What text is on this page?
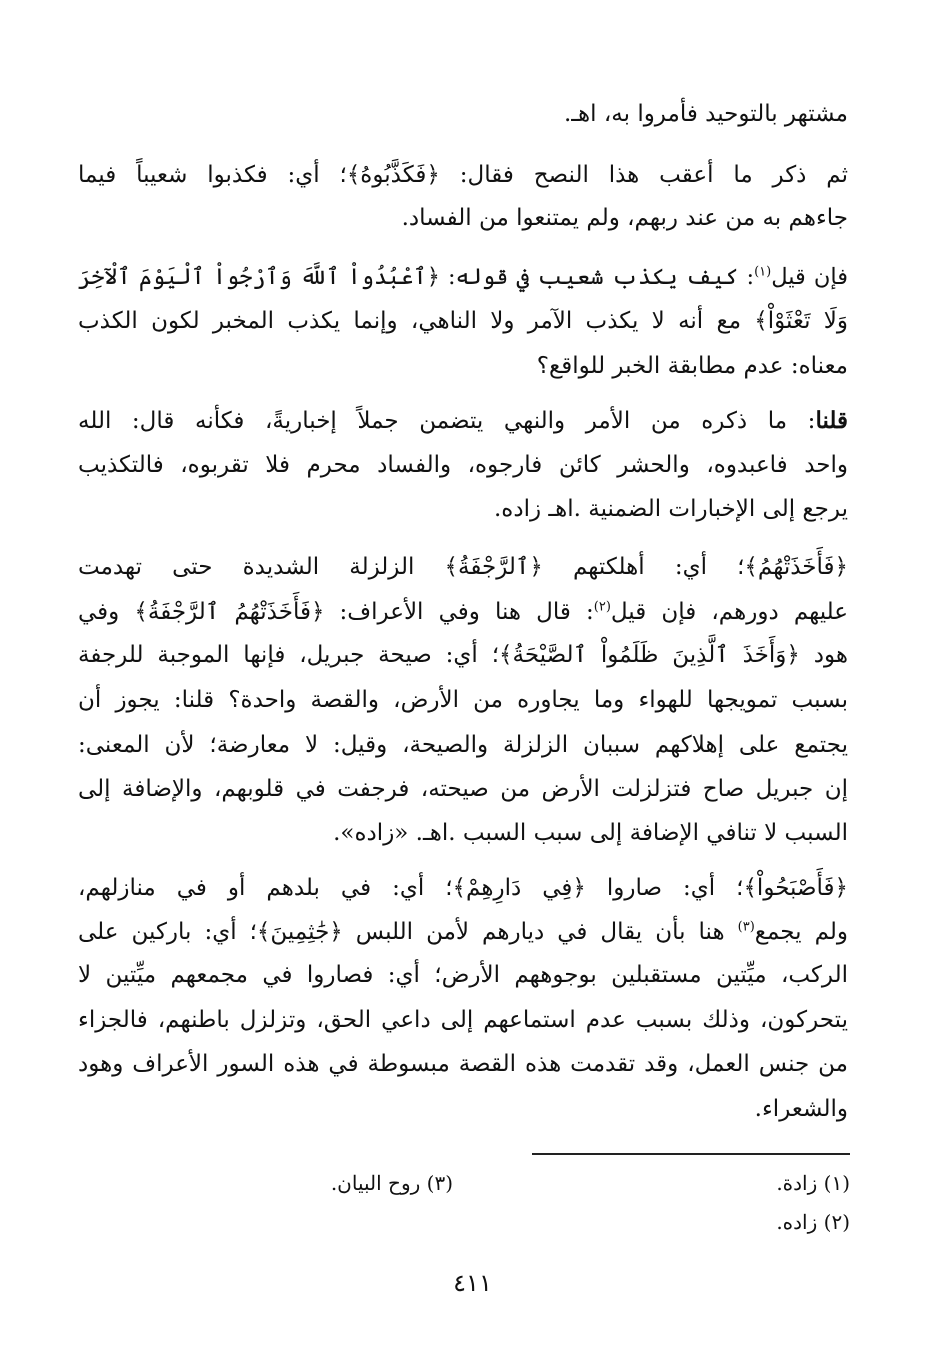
مشتهر بالتوحيد فأمروا به، اهـ.
ثم ذكر ما أعقب هذا النصح فقال: ﴿فَكَذَّبُوهُ﴾؛ أي: فكذبوا شعيباً فيما
جاءهم به من عند ربهم، ولم يمتنعوا من الفساد.
فإن قيل$^{(١)}$: كيف يكذب شعيب في قوله: ﴿ٱعْبُدُواْ ٱللَّهَ وَٱرْجُواْ ٱلْيَوْمَ ٱلْآخِرَ
وَلَا تَعْثَوْاْ﴾ مع أنه لا يكذب الآمر ولا الناهي، وإنما يكذب المخبر لكون الكذب
معناه: عدم مطابقة الخبر للواقع؟
قلنا: ما ذكره من الأمر والنهي يتضمن جملاً إخباريةً، فكأنه قال: الله
واحد فاعبدوه، والحشر كائن فارجوه، والفساد محرم فلا تقربوه، فالتكذيب
يرجع إلى الإخبارات الضمنية .اهـ زاده.
﴿فَأَخَذَتْهُمُ﴾؛ أي: أهلكتهم ﴿ٱلرَّجْفَةُ﴾ الزلزلة الشديدة حتى تهدمت
عليهم دورهم، فإن قيل$^{(٢)}$: قال هنا وفي الأعراف: ﴿فَأَخَذَتْهُمُ ٱلرَّجْفَةُ﴾ وفي
هود ﴿وَأَخَذَ ٱلَّذِينَ ظَلَمُواْ ٱلصَّيْحَةُ﴾؛ أي: صيحة جبريل، فإنها الموجبة للرجفة
بسبب تمويجها للهواء وما يجاوره من الأرض، والقصة واحدة؟ قلنا: يجوز أن
يجتمع على إهلاكهم سببان الزلزلة والصيحة، وقيل: لا معارضة؛ لأن المعنى:
إن جبريل صاح فتزلزلت الأرض من صيحته، فرجفت في قلوبهم، والإضافة إلى
السبب لا تنافي الإضافة إلى سبب السبب .اهـ. «زاده».
﴿فَأَصْبَحُواْ﴾؛ أي: صاروا ﴿فِي دَارِهِمْ﴾؛ أي: في بلدهم أو في منازلهم،
ولم يجمع$^{(٣)}$ هنا بأن يقال في ديارهم لأمن اللبس ﴿جَٰثِمِينَ﴾؛ أي: باركين على
الركب، ميِّتين مستقبلين بوجوههم الأرض؛ أي: فصاروا في مجمعهم ميِّتين لا
يتحركون، وذلك بسبب عدم استماعهم إلى داعي الحق، وتزلزل باطنهم، فالجزاء
من جنس العمل، وقد تقدمت هذه القصة مبسوطة في هذه السور الأعراف وهود
والشعراء.
(١) زادة.
(٢) زاده.
(٣) روح البيان.
٤١١
